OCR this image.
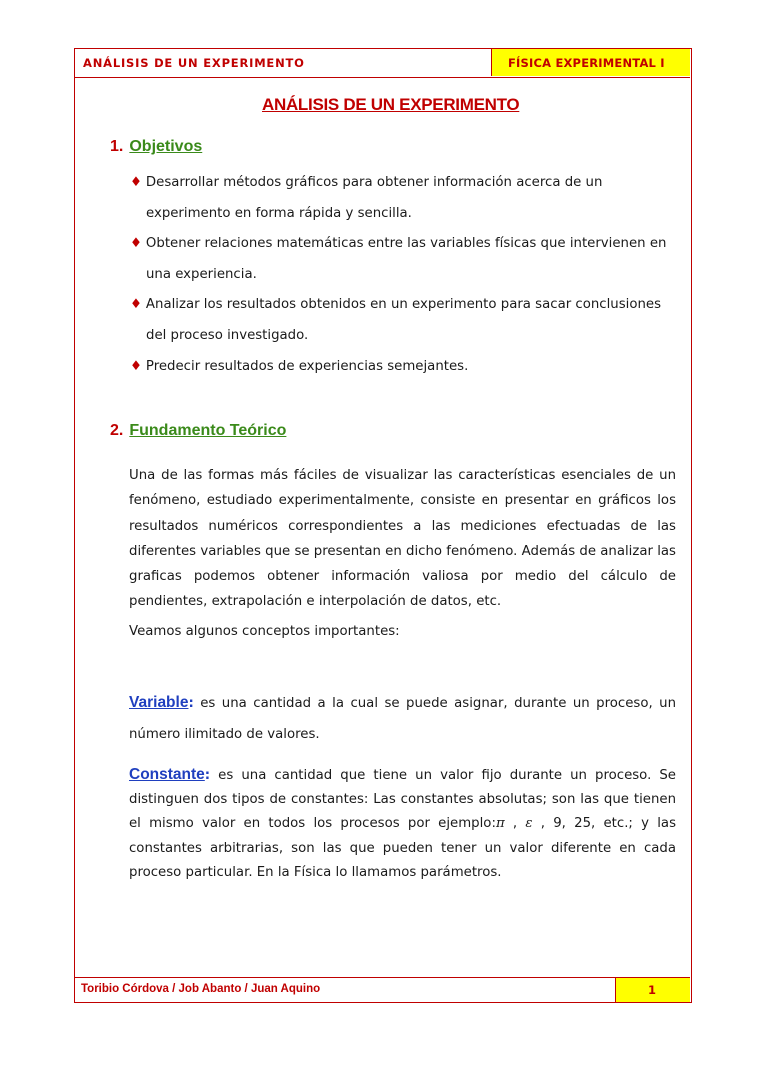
ANÁLISIS DE UN EXPERIMENTO	FÍSICA EXPERIMENTAL I
Toribio Córdova / Job Abanto / Juan Aquino	1
ANÁLISIS DE UN EXPERIMENTO
1. Objetivos
♦ Desarrollar métodos gráficos para obtener información acerca de un
experimento en forma rápida y sencilla.
♦ Obtener relaciones matemáticas entre las variables físicas que intervienen en
una experiencia.
♦ Analizar los resultados obtenidos en un experimento para sacar conclusiones
del proceso investigado.
♦ Predecir resultados de experiencias semejantes.
2. Fundamento Teórico
Una de las formas más fáciles de visualizar las características esenciales de un fenómeno, estudiado experimentalmente, consiste en presentar en gráficos los resultados numéricos correspondientes a las mediciones efectuadas de las diferentes variables que se presentan en dicho fenómeno. Además de analizar las graficas podemos obtener información valiosa por medio del cálculo de pendientes, extrapolación e interpolación de datos, etc.
Veamos algunos conceptos importantes:
Variable: es una cantidad a la cual se puede asignar, durante un proceso, un número ilimitado de valores.
Constante: es una cantidad que tiene un valor fijo durante un proceso. Se distinguen dos tipos de constantes: Las constantes absolutas; son las que tienen el mismo valor en todos los procesos por ejemplo:π , ε , 9, 25, etc.; y las constantes arbitrarias, son las que pueden tener un valor diferente en cada proceso particular. En la Física lo llamamos parámetros.
